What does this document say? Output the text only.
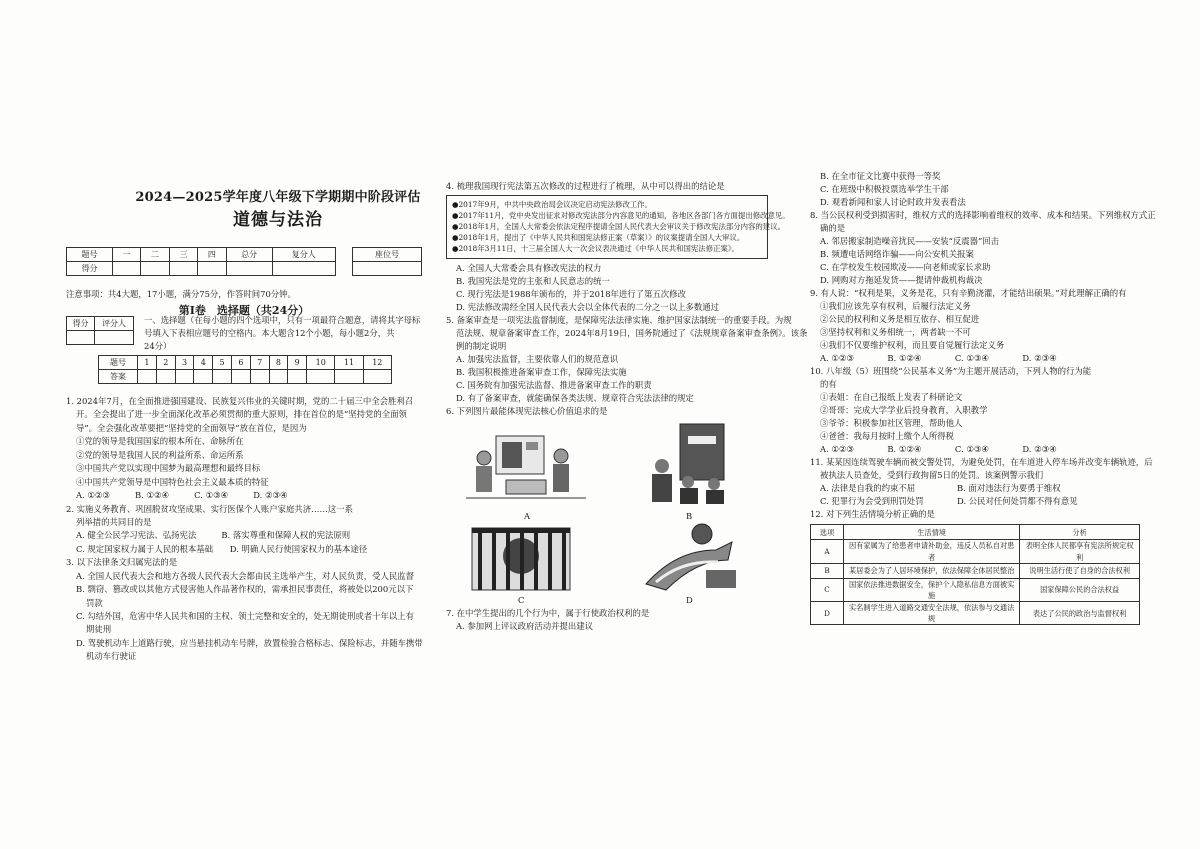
2024—2025学年度八年级下学期期中阶段评估
道德与法治
题号	一	二	三	四	总分	复分人
得分						
座位号

注意事项：共4大题，17小题，满分75分，作答时间70分钟。
第Ⅰ卷　选择题（共24分）
得分	评分人
	一、选择题（在每小题的四个选项中，只有一项最符合题意，请将其字母标
号填入下表相应题号的空格内。本大题含12个小题，每小题2分，共
24分）
题号	1	2	3	4	5	6	7	8	9	10	11	12
答案												
1. 2024年7月，在全面推进强国建设、民族复兴伟业的关键时期，党的二十届三中全会胜利召
开。全会提出了进一步全面深化改革必须贯彻的重大原则，排在首位的是“坚持党的全面领
导”。全会强化改革要把“坚持党的全面领导”放在首位，是因为
①党的领导是我国国家的根本所在、命脉所在
②党的领导是我国人民的利益所系、命运所系
③中国共产党以实现中国梦为最高理想和最终目标
④中国共产党领导是中国特色社会主义最本质的特征
A. ①②③　　　B. ①②④　　　C. ①③④　　　D. ②③④
2. 实施义务教育、巩固脱贫攻坚成果、实行医保个人账户家庭共济……这一系
列举措的共同目的是
A. 健全公民学习宪法、弘扬宪法　　　B. 落实尊重和保障人权的宪法原则
C. 规定国家权力属于人民的根本基础　　D. 明确人民行使国家权力的基本途径
3. 以下法律条文归属宪法的是
A. 全国人民代表大会和地方各级人民代表大会都由民主选举产生，对人民负责，受人民监督
B. 剽窃、篡改或以其他方式侵害他人作品著作权的，需承担民事责任，将被处以200元以下
罚款
C. 勾结外国，危害中华人民共和国的主权、领土完整和安全的，处无期徒刑或者十年以上有
期徒刑
D. 驾驶机动车上道路行驶，应当悬挂机动车号牌，放置检验合格标志、保险标志，并随车携带
机动车行驶证
4. 梳理我国现行宪法第五次修改的过程进行了梳理，从中可以得出的结论是
●2017年9月，中共中央政治局会议决定启动宪法修改工作。
●2017年11月，党中央发出征求对修改宪法部分内容意见的通知，各地区各部门各方面提出修改意见。
●2018年1月，全国人大常委会依法定程序提请全国人民代表大会审议关于修改宪法部分内容的建议。
●2018年1月，提出了《中华人民共和国宪法修正案（草案）》的议案提请全国人大审议。
●2018年3月11日，十三届全国人大一次会议表决通过《中华人民共和国宪法修正案》。
A. 全国人大常委会具有修改宪法的权力
B. 我国宪法是党的主张和人民意志的统一
C. 现行宪法是1988年颁布的，并于2018年进行了第五次修改
D. 宪法修改需经全国人民代表大会以全体代表的二分之一以上多数通过
5. 备案审查是一项宪法监督制度，是保障宪法法律实施、维护国家法制统一的重要手段。为规
范法规、规章备案审查工作，2024年8月19日，国务院通过了《法规规章备案审查条例》。该条
例的制定说明
A. 加强宪法监督，主要依靠人们的规范意识
B. 我国积极推进备案审查工作，保障宪法实施
C. 国务院有加强宪法监督、推进备案审查工作的职责
D. 有了备案审查，就能确保各类法规、规章符合宪法法律的规定
6. 下列图片最能体现宪法核心价值追求的是
A	B
C	D
7. 在中学生提出的几个行为中，属于行使政治权利的是
A. 参加网上评议政府活动并提出建议
B. 在全市征文比赛中获得一等奖
C. 在班级中积极投票选举学生干部
D. 观看新闻和家人讨论时政并发表看法
8. 当公民权利受到损害时，维权方式的选择影响着维权的效率、成本和结果。下列维权方式正
确的是
A. 邻居搬家制造噪音扰民——安装“反震器”回击
B. 频遭电话网络诈骗——向公安机关报案
C. 在学校发生校园欺凌——向老师或家长求助
D. 网购对方拖延发货——提请仲裁机构裁决
9. 有人说：“权利是果，义务是花，只有辛勤浇灌，才能结出硕果。”对此理解正确的有
①我们应该先享有权利，后履行法定义务
②公民的权利和义务是相互依存、相互促进
③坚持权利和义务相统一，两者缺一不可
④我们不仅要维护权利，而且要自觉履行法定义务
A. ①②③　　　　B. ①②④　　　　C. ①③④　　　　D. ②③④
10. 八年级（5）班围绕“公民基本义务”为主题开展活动，下列人物的行为能
的有
①表姐：在自己报纸上发表了科研论文
②哥哥：完成大学学业后投身教育，入职教学
③爷爷：积极参加社区管理，帮助他人
④爸爸：我每月按时上缴个人所得税
A. ①②③　　　　B. ①②④　　　　C. ①③④　　　　D. ②③④
11. 某某因连续驾驶车辆而被交警处罚，为避免处罚，在车道进入停车场并改变车辆轨迹，后
被执法人员查处，受到行政拘留5日的处罚。该案例警示我们
A. 法律是自我的约束不屈　　　　　B. 面对违法行为要勇于维权
C. 犯罪行为会受到刑罚处罚　　　　D. 公民对任何处罚都不得有意见
12. 对下列生活情境分析正确的是
选项	生活情境	分析
A	因有家属为了给患者申请补助金，违反人员私自对患者	表明全体人民都享有宪法所规定权利
B	某居委会为了人居环境保护，依法保障全体居民整治	说明生活行使了自身的合法权利
C	国家依法推进数据安全，保护个人隐私信息方面被实施	国家保障公民的合法权益
D	实名制学生进入道路交通安全法规，依法参与交通法规	表达了公民的政治与监督权利
